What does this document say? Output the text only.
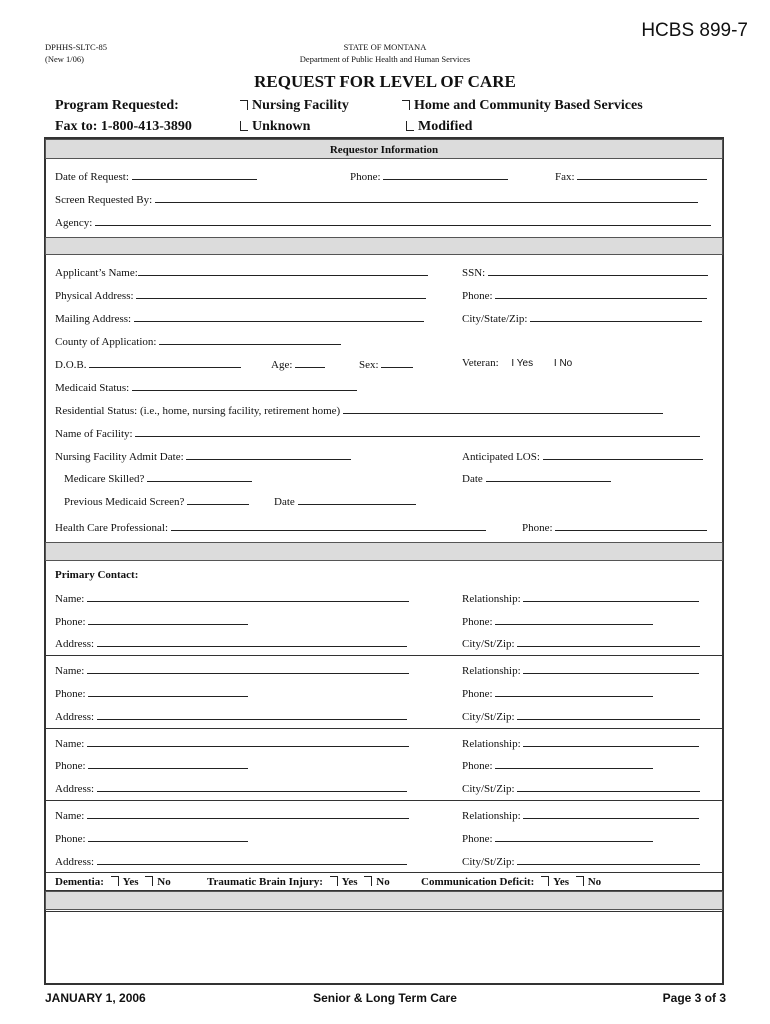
HCBS 899-7
DPHHS-SLTC-85
(New 1/06)
STATE OF MONTANA
Department of Public Health and Human Services
REQUEST FOR LEVEL OF CARE
Program Requested:
Fax to: 1-800-413-3890
Nursing Facility	Home and Community Based Services
Unknown	Modified
Requestor Information
Date of Request:	Phone:	Fax:
Screen Requested By:
Agency:
Applicant’s Name:	SSN:
Physical Address:	Phone:
Mailing Address:	City/State/Zip:
County of Application:
D.O.B.	Age:	Sex:	Veteran: I Yes I No
Medicaid Status:
Residential Status: (i.e., home, nursing facility, retirement home)
Name of Facility:
Nursing Facility Admit Date:	Anticipated LOS:
Medicare Skilled?	Date
Previous Medicaid Screen?	Date
Health Care Professional:	Phone:
Primary Contact:
Name:	Relationship:
Phone:	Phone:
Address:	City/St/Zip:
Name:	Relationship:
Phone:	Phone:
Address:	City/St/Zip:
Name:	Relationship:
Phone:	Phone:
Address:	City/St/Zip:
Name:	Relationship:
Phone:	Phone:
Address:	City/St/Zip:
Dementia: Yes No	Traumatic Brain Injury: Yes No	Communication Deficit: Yes No
JANUARY 1, 2006	Senior & Long Term Care	Page 3 of 3
